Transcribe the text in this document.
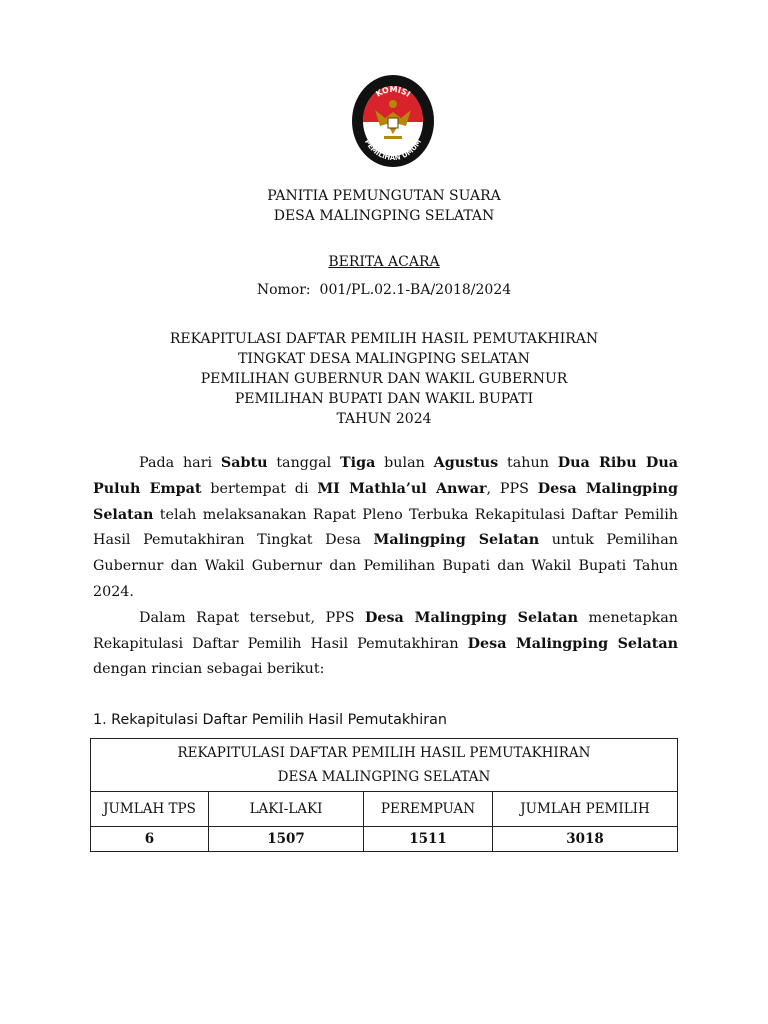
KOMISI
PEMILIHAN UMUM
PANITIA PEMUNGUTAN SUARA
DESA MALINGPING SELATAN
BERITA ACARA
Nomor: 001/PL.02.1-BA/2018/2024
REKAPITULASI DAFTAR PEMILIH HASIL PEMUTAKHIRAN
TINGKAT DESA MALINGPING SELATAN
PEMILIHAN GUBERNUR DAN WAKIL GUBERNUR
PEMILIHAN BUPATI DAN WAKIL BUPATI
TAHUN 2024

Pada hari Sabtu tanggal Tiga bulan Agustus tahun Dua Ribu Dua Puluh Empat bertempat di MI Mathla’ul Anwar, PPS Desa Malingping Selatan telah melaksanakan Rapat Pleno Terbuka Rekapitulasi Daftar Pemilih Hasil Pemutakhiran Tingkat Desa Malingping Selatan untuk Pemilihan Gubernur dan Wakil Gubernur dan Pemilihan Bupati dan Wakil Bupati Tahun 2024.

Dalam Rapat tersebut, PPS Desa Malingping Selatan menetapkan Rekapitulasi Daftar Pemilih Hasil Pemutakhiran Desa Malingping Selatan dengan rincian sebagai berikut:

1. Rekapitulasi Daftar Pemilih Hasil Pemutakhiran
REKAPITULASI DAFTAR PEMILIH HASIL PEMUTAKHIRAN
DESA MALINGPING SELATAN			

JUMLAH TPS	LAKI-LAKI	PEREMPUAN	JUMLAH PEMILIH
6	1507	1511	3018
